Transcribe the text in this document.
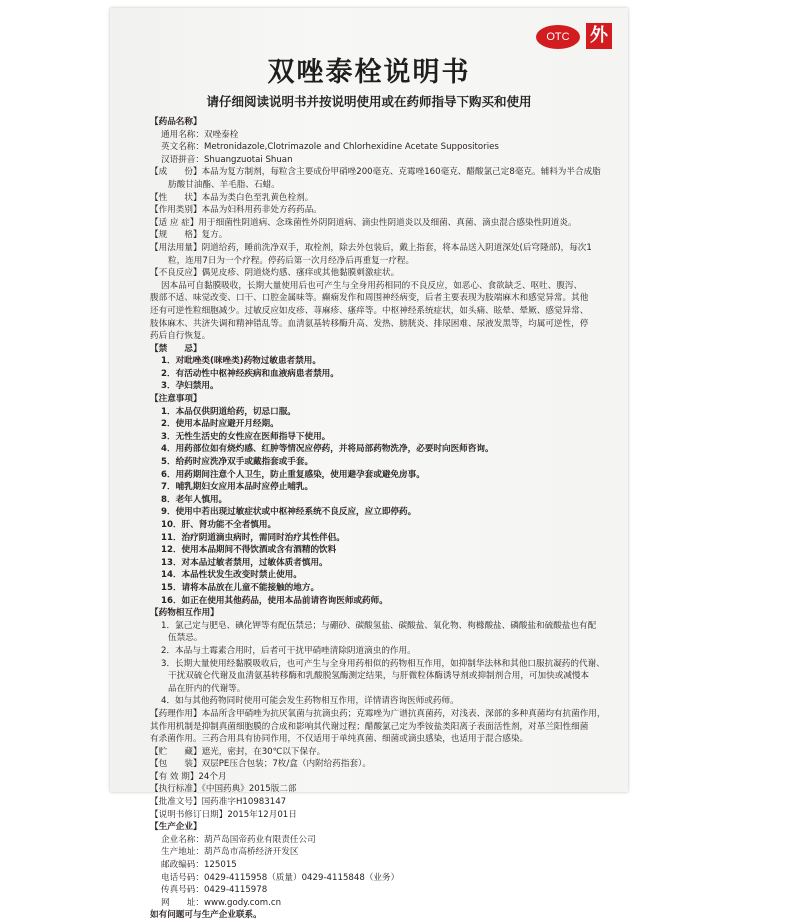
OTC	外
双唑泰栓说明书
请仔细阅读说明书并按说明使用或在药师指导下购买和使用
【药品名称】
通用名称：双唑泰栓
英文名称：Metronidazole,Clotrimazole and Chlorhexidine Acetate Suppositories
汉语拼音：Shuangzuotai Shuan
【成　　份】本品为复方制剂，每粒含主要成份甲硝唑200毫克、克霉唑160毫克、醋酸氯己定8毫克。辅料为半合成脂
肪酸甘油酯、羊毛脂、石蜡。
【性　　状】本品为类白色至乳黄色栓剂。
【作用类别】本品为妇科用药非处方药药品。
【适 应 症】用于细菌性阴道病、念珠菌性外阴阴道病、滴虫性阴道炎以及细菌、真菌、滴虫混合感染性阴道炎。
【规　　格】复方。
【用法用量】阴道给药，睡前洗净双手，取栓剂，除去外包装后，戴上指套，将本品送入阴道深处(后穹隆部)，每次1
粒，连用7日为一个疗程。停药后第一次月经净后再重复一疗程。
【不良反应】偶见皮疹、阴道烧灼感、瘙痒或其他黏膜刺激症状。
因本品可自黏膜吸收，长期大量使用后也可产生与全身用药相同的不良反应，如恶心、食欲缺乏、呕吐、腹泻、
腹部不适、味觉改变、口干、口腔金属味等。癫痫发作和周围神经病变，后者主要表现为肢端麻木和感觉异常。其他
还有可逆性粒细胞减少。过敏反应如皮疹、荨麻疹、瘙痒等。中枢神经系统症状，如头痛、眩晕、晕厥、感觉异常、
肢体麻木、共济失调和精神错乱等。血清氨基转移酶升高、发热、膀胱炎、排尿困难、尿液发黑等，均属可逆性，停
药后自行恢复。
【禁　　忌】
1．对吡唑类(咪唑类)药物过敏患者禁用。
2．有活动性中枢神经疾病和血液病患者禁用。
3．孕妇禁用。
【注意事项】
1．本品仅供阴道给药，切忌口服。
2．使用本品时应避开月经期。
3．无性生活史的女性应在医师指导下使用。
4．用药部位如有烧灼感、红肿等情况应停药，并将局部药物洗净，必要时向医师咨询。
5．给药时应洗净双手或戴指套或手套。
6．用药期间注意个人卫生，防止重复感染，使用避孕套或避免房事。
7．哺乳期妇女应用本品时应停止哺乳。
8．老年人慎用。
9．使用中若出现过敏症状或中枢神经系统不良反应，应立即停药。
10．肝、肾功能不全者慎用。
11．治疗阴道滴虫病时，需同时治疗其性伴侣。
12．使用本品期间不得饮酒或含有酒精的饮料
13．对本品过敏者禁用，过敏体质者慎用。
14．本品性状发生改变时禁止使用。
15．请将本品放在儿童不能接触的地方。
16．如正在使用其他药品，使用本品前请咨询医师或药师。
【药物相互作用】
1．氯己定与肥皂、碘化钾等有配伍禁忌；与硼砂、碳酸氢盐、碳酸盐、氧化物、枸橼酸盐、磷酸盐和硫酸盐也有配
伍禁忌。
2．本品与土霉素合用时，后者可干扰甲硝唑清除阴道滴虫的作用。
3．长期大量使用经黏膜吸收后，也可产生与全身用药相似的药物相互作用，如抑制华法林和其他口服抗凝药的代谢、
干扰双硫仑代谢及血清氨基转移酶和乳酸脱氢酶测定结果，与肝微粒体酶诱导剂或抑制剂合用，可加快或减慢本
品在肝内的代谢等。
4．如与其他药物同时使用可能会发生药物相互作用，详情请咨询医师或药师。
【药理作用】本品所含甲硝唑为抗厌氧菌与抗滴虫药；克霉唑为广谱抗真菌药，对浅表、深部的多种真菌均有抗菌作用，
其作用机制是抑制真菌细胞膜的合成和影响其代谢过程；醋酸氯己定为季铵盐类阳离子表面活性剂，对革兰阳性细菌
有杀菌作用。三药合用具有协同作用，不仅适用于单纯真菌、细菌或滴虫感染，也适用于混合感染。
【贮　　藏】遮光，密封，在30℃以下保存。
【包　　装】双层PE压合包装；7枚/盒（内附给药指套）。
【有 效 期】24个月
【执行标准】《中国药典》2015版二部
【批准文号】国药准字H10983147
【说明书修订日期】2015年12月01日
【生产企业】
企业名称：葫芦岛国帝药业有限责任公司
生产地址：葫芦岛市高桥经济开发区
邮政编码：125015
电话号码：0429-4115958（质量）0429-4115848（业务）
传真号码：0429-4115978
网　　址：www.gody.com.cn
如有问题可与生产企业联系。
